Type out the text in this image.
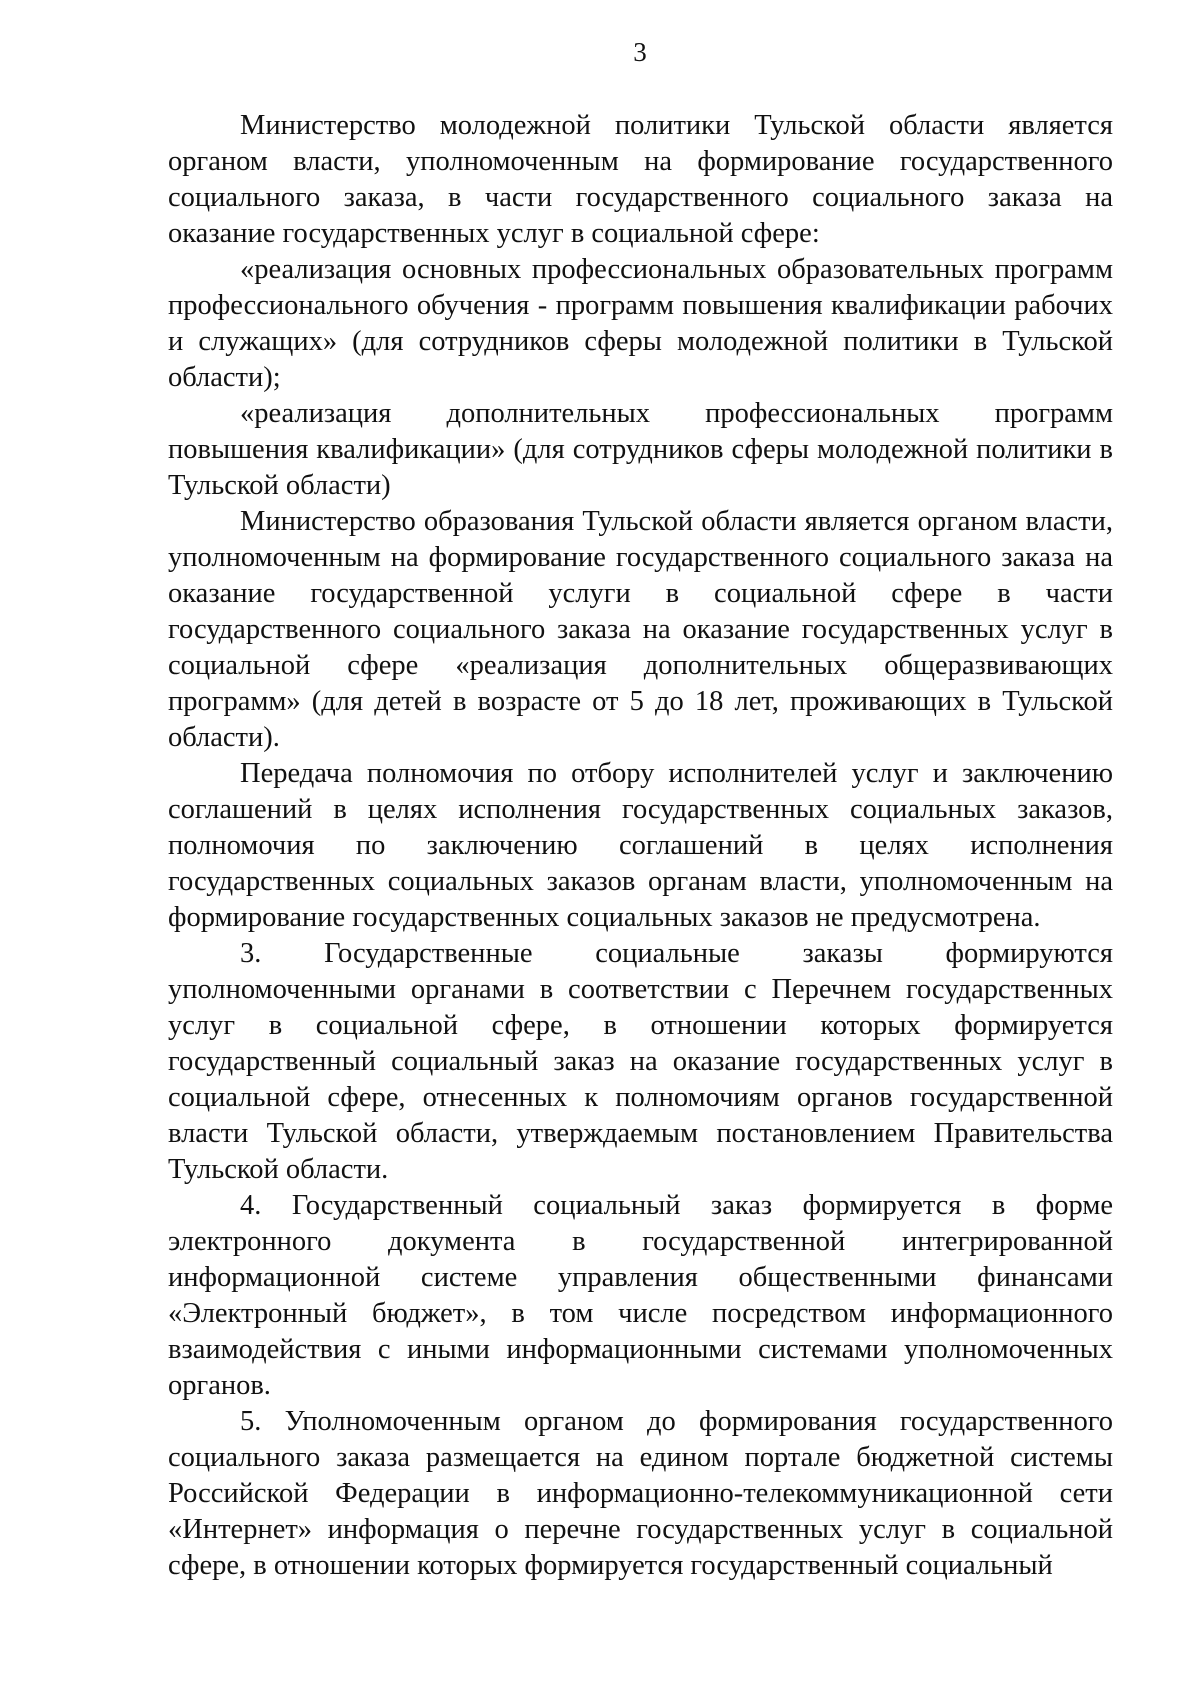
3

Министерство молодежной политики Тульской области является органом власти, уполномоченным на формирование государственного социального заказа, в части государственного социального заказа на оказание государственных услуг в социальной сфере:

«реализация основных профессиональных образовательных программ профессионального обучения - программ повышения квалификации рабочих и служащих» (для сотрудников сферы молодежной политики в Тульской области);

«реализация дополнительных профессиональных программ повышения квалификации» (для сотрудников сферы молодежной политики в Тульской области)

Министерство образования Тульской области является органом власти, уполномоченным на формирование государственного социального заказа на оказание государственной услуги в социальной сфере в части государственного социального заказа на оказание государственных услуг в социальной сфере «реализация дополнительных общеразвивающих программ» (для детей в возрасте от 5 до 18 лет, проживающих в Тульской области).

Передача полномочия по отбору исполнителей услуг и заключению соглашений в целях исполнения государственных социальных заказов, полномочия по заключению соглашений в целях исполнения государственных социальных заказов органам власти, уполномоченным на формирование государственных социальных заказов не предусмотрена.

3. Государственные социальные заказы формируются уполномоченными органами в соответствии с Перечнем государственных услуг в социальной сфере, в отношении которых формируется государственный социальный заказ на оказание государственных услуг в социальной сфере, отнесенных к полномочиям органов государственной власти Тульской области, утверждаемым постановлением Правительства Тульской области.

4. Государственный социальный заказ формируется в форме электронного документа в государственной интегрированной информационной системе управления общественными финансами «Электронный бюджет», в том числе посредством информационного взаимодействия с иными информационными системами уполномоченных органов.

5. Уполномоченным органом до формирования государственного социального заказа размещается на едином портале бюджетной системы Российской Федерации в информационно-телекоммуникационной сети «Интернет» информация о перечне государственных услуг в социальной сфере, в отношении которых формируется государственный социальный
